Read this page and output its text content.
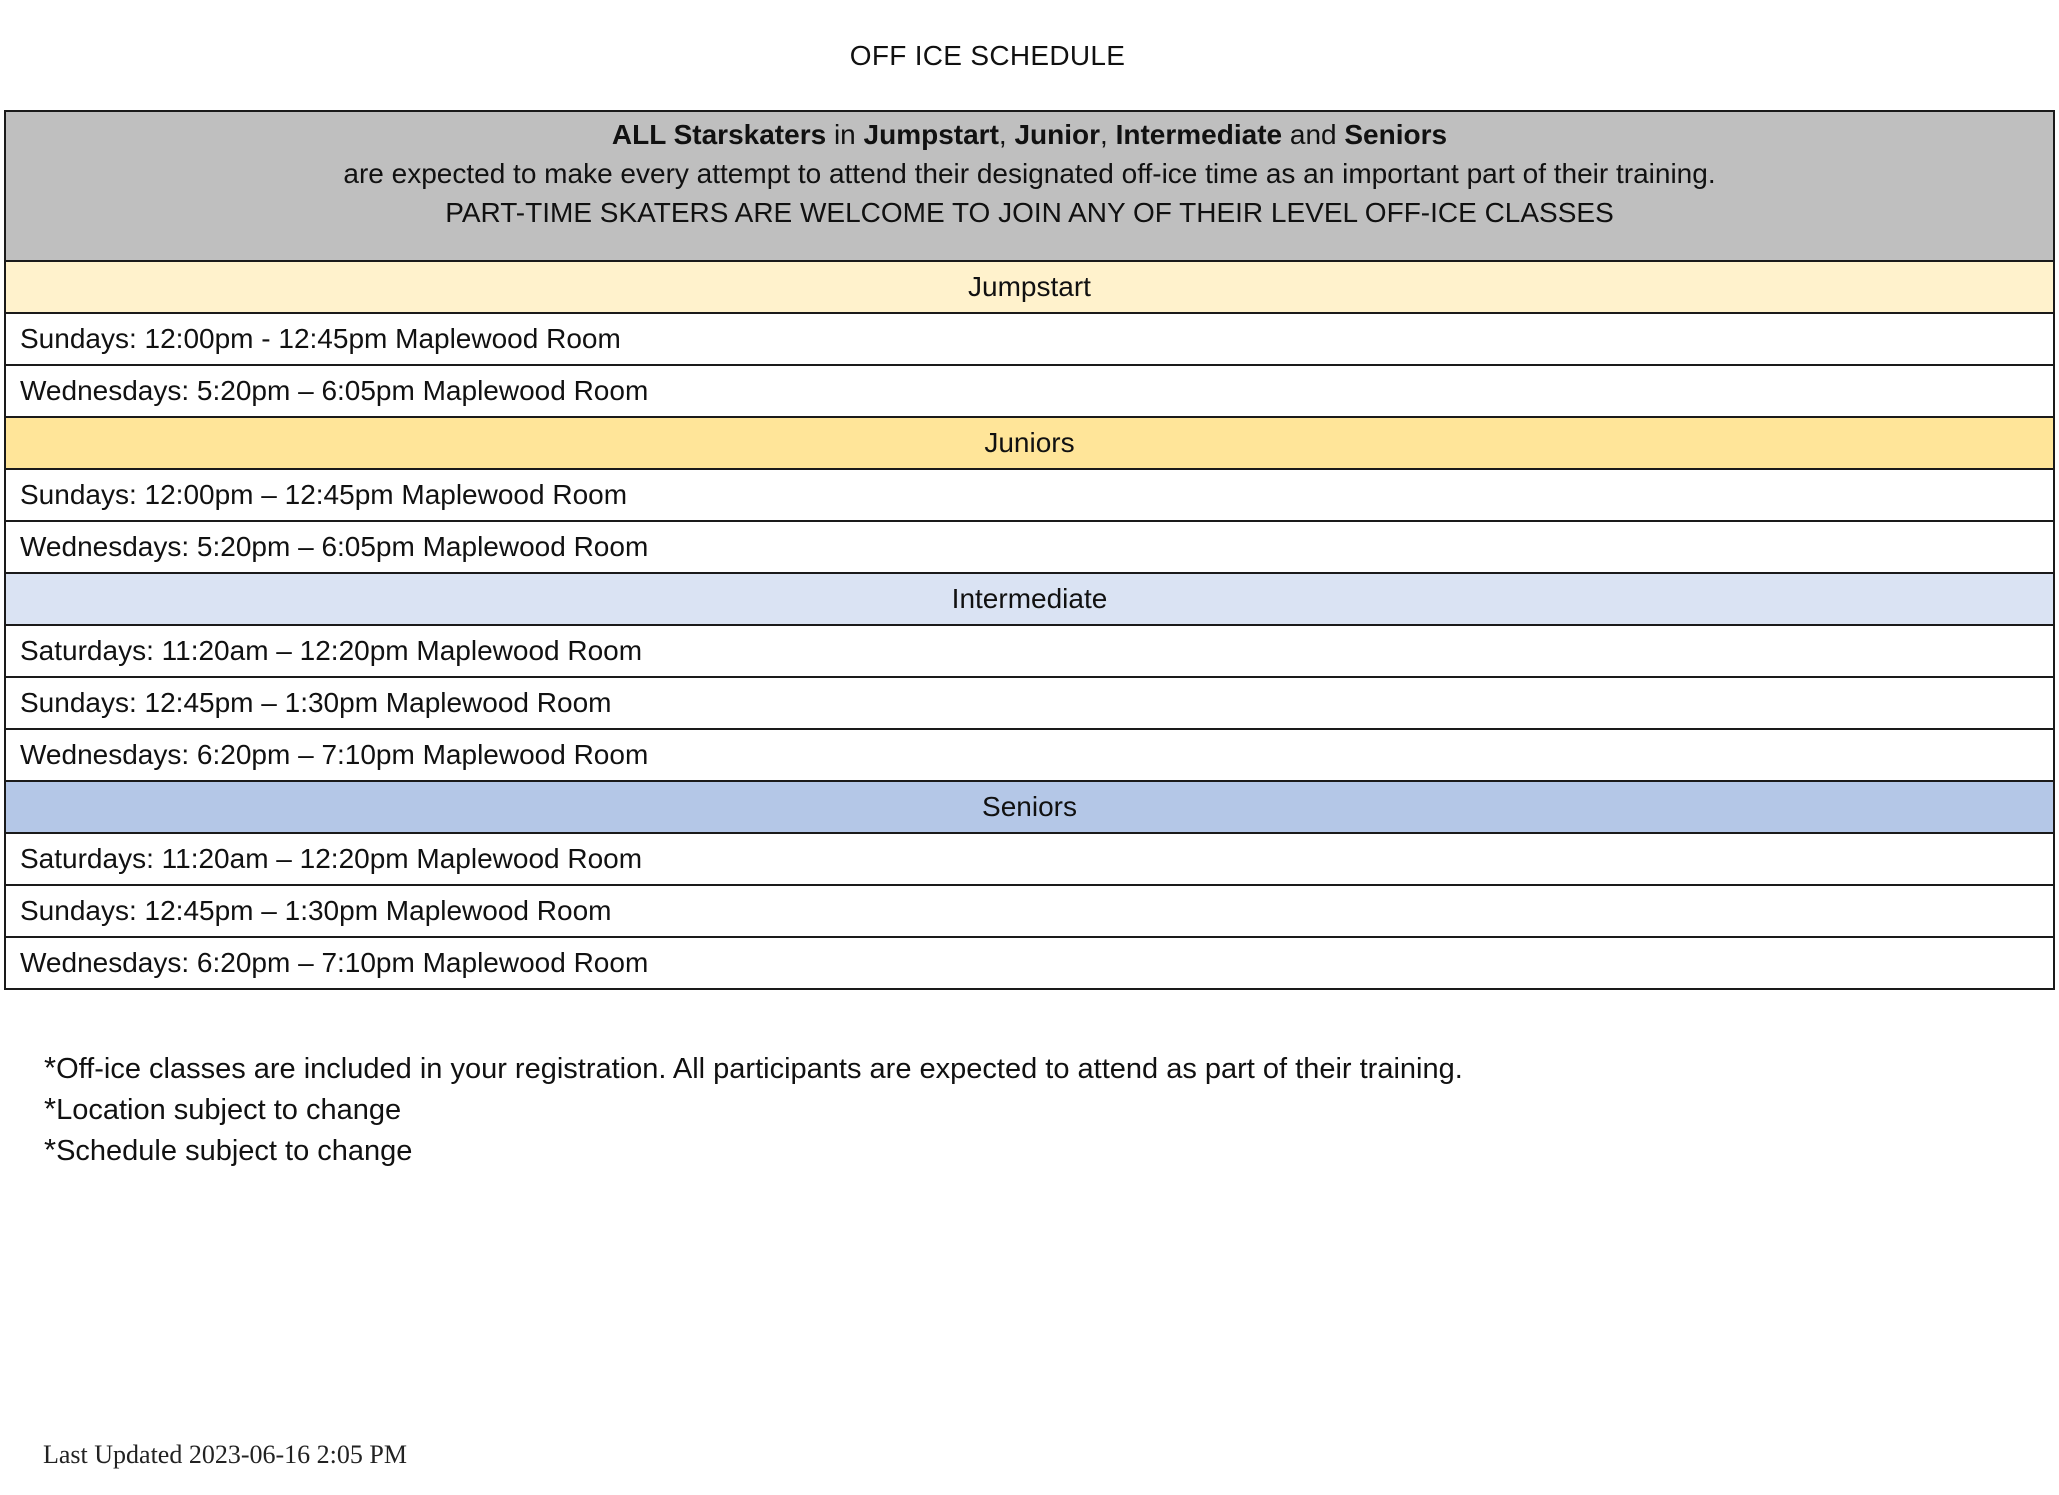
OFF ICE SCHEDULE
ALL Starskaters in Jumpstart, Junior, Intermediate and Seniors
are expected to make every attempt to attend their designated off-ice time as an important part of their training.
PART-TIME SKATERS ARE WELCOME TO JOIN ANY OF THEIR LEVEL OFF-ICE CLASSES

Jumpstart
Sundays: 12:00pm - 12:45pm Maplewood Room
Wednesdays: 5:20pm – 6:05pm Maplewood Room
Juniors
Sundays: 12:00pm – 12:45pm Maplewood Room
Wednesdays: 5:20pm – 6:05pm Maplewood Room
Intermediate
Saturdays: 11:20am – 12:20pm Maplewood Room
Sundays: 12:45pm – 1:30pm Maplewood Room
Wednesdays: 6:20pm – 7:10pm Maplewood Room
Seniors
Saturdays: 11:20am – 12:20pm Maplewood Room
Sundays: 12:45pm – 1:30pm Maplewood Room
Wednesdays: 6:20pm – 7:10pm Maplewood Room
*Off-ice classes are included in your registration. All participants are expected to attend as part of their training.
*Location subject to change
*Schedule subject to change
Last Updated 2023-06-16 2:05 PM
